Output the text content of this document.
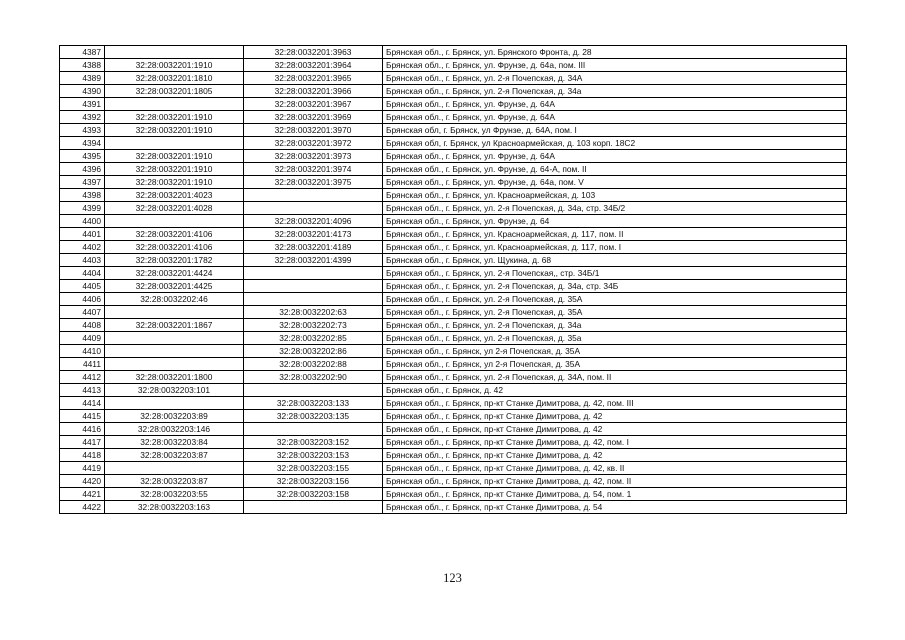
4387		32:28:0032201:3963	Брянская обл., г. Брянск, ул. Брянского Фронта, д. 28
4388	32:28:0032201:1910	32:28:0032201:3964	Брянская обл., г. Брянск, ул. Фрунзе, д. 64а, пом. III
4389	32:28:0032201:1810	32:28:0032201:3965	Брянская обл., г. Брянск, ул. 2-я Почепская, д. 34А
4390	32:28:0032201:1805	32:28:0032201:3966	Брянская обл., г. Брянск, ул. 2-я Почепская, д. 34а
4391		32:28:0032201:3967	Брянская обл., г. Брянск, ул. Фрунзе, д. 64А
4392	32:28:0032201:1910	32:28:0032201:3969	Брянская обл., г. Брянск, ул. Фрунзе, д. 64А
4393	32:28:0032201:1910	32:28:0032201:3970	Брянская обл, г. Брянск, ул Фрунзе, д. 64А, пом. I
4394		32:28:0032201:3972	Брянская обл, г. Брянск, ул Красноармейская, д. 103 корп. 18С2
4395	32:28:0032201:1910	32:28:0032201:3973	Брянская обл., г. Брянск, ул. Фрунзе, д. 64А
4396	32:28:0032201:1910	32:28:0032201:3974	Брянская обл., г. Брянск, ул. Фрунзе, д. 64-А, пом. II
4397	32:28:0032201:1910	32:28:0032201:3975	Брянская обл., г. Брянск, ул. Фрунзе, д. 64а, пом. V
4398	32:28:0032201:4023		Брянская обл., г. Брянск, ул. Красноармейская, д. 103
4399	32:28:0032201:4028		Брянская обл., г. Брянск, ул. 2-я Почепская, д. 34а, стр. 34Б/2
4400		32:28:0032201:4096	Брянская обл., г. Брянск, ул. Фрунзе, д. 64
4401	32:28:0032201:4106	32:28:0032201:4173	Брянская обл., г. Брянск, ул. Красноармейская, д. 117, пом. II
4402	32:28:0032201:4106	32:28:0032201:4189	Брянская обл., г. Брянск, ул. Красноармейская, д. 117, пом. I
4403	32:28:0032201:1782	32:28:0032201:4399	Брянская обл., г. Брянск, ул. Щукина, д. 68
4404	32:28:0032201:4424		Брянская обл., г. Брянск, ул. 2-я Почепская,, стр. 34Б/1
4405	32:28:0032201:4425		Брянская обл., г. Брянск, ул. 2-я Почепская, д. 34а, стр. 34Б
4406	32:28:0032202:46		Брянская обл., г. Брянск, ул. 2-я Почепская, д. 35А
4407		32:28:0032202:63	Брянская обл., г. Брянск, ул. 2-я Почепская, д. 35А
4408	32:28:0032201:1867	32:28:0032202:73	Брянская обл., г. Брянск, ул. 2-я Почепская, д. 34а
4409		32:28:0032202:85	Брянская обл., г. Брянск, ул. 2-я Почепская, д. 35а
4410		32:28:0032202:86	Брянская обл., г. Брянск, ул 2-я Почепская, д. 35А
4411		32:28:0032202:88	Брянская обл., г. Брянск, ул 2-я Почепская, д. 35А
4412	32:28:0032201:1800	32:28:0032202:90	Брянская обл., г. Брянск, ул. 2-я Почепская, д. 34А, пом. II
4413	32:28:0032203:101		Брянская обл., г. Брянск, д. 42
4414		32:28:0032203:133	Брянская обл., г. Брянск, пр-кт Станке Димитрова, д. 42, пом. III
4415	32:28:0032203:89	32:28:0032203:135	Брянская обл., г. Брянск, пр-кт Станке Димитрова, д. 42
4416	32:28:0032203:146		Брянская обл., г. Брянск, пр-кт Станке Димитрова, д. 42
4417	32:28:0032203:84	32:28:0032203:152	Брянская обл., г. Брянск, пр-кт Станке Димитрова, д. 42, пом. I
4418	32:28:0032203:87	32:28:0032203:153	Брянская обл., г. Брянск, пр-кт Станке Димитрова, д. 42
4419		32:28:0032203:155	Брянская обл., г. Брянск, пр-кт Станке Димитрова, д. 42, кв. II
4420	32:28:0032203:87	32:28:0032203:156	Брянская обл., г. Брянск, пр-кт Станке Димитрова, д. 42, пом. II
4421	32:28:0032203:55	32:28:0032203:158	Брянская обл., г. Брянск, пр-кт Станке Димитрова, д. 54, пом. 1
4422	32:28:0032203:163		Брянская обл., г. Брянск, пр-кт Станке Димитрова, д. 54
123
